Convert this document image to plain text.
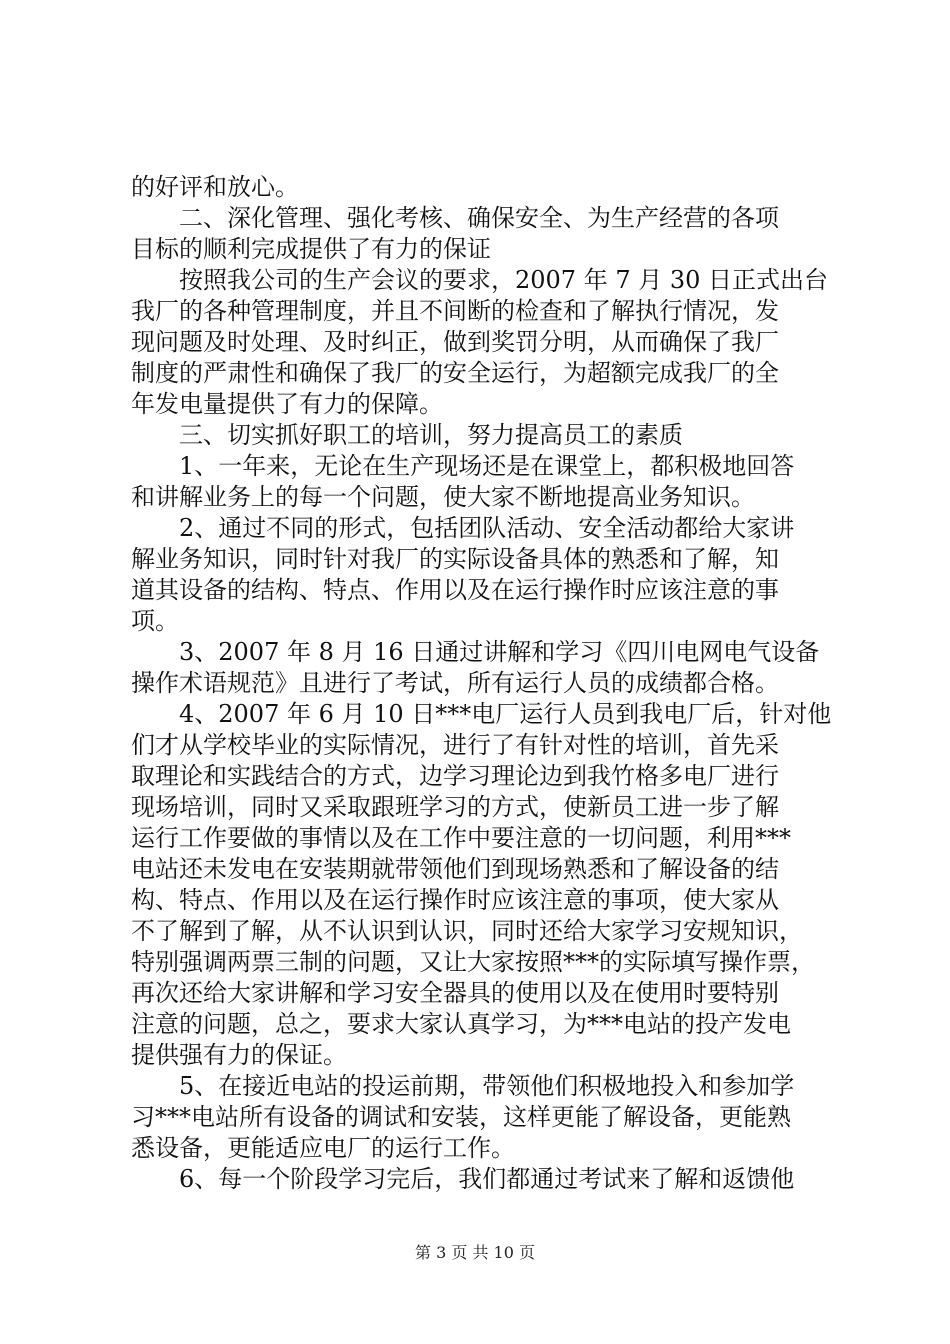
的好评和放心。
　　二、深化管理、强化考核、确保安全、为生产经营的各项
目标的顺利完成提供了有力的保证
　　按照我公司的生产会议的要求，2007 年 7 月 30 日正式出台
我厂的各种管理制度，并且不间断的检查和了解执行情况，发
现问题及时处理、及时纠正，做到奖罚分明，从而确保了我厂
制度的严肃性和确保了我厂的安全运行，为超额完成我厂的全
年发电量提供了有力的保障。
　　三、切实抓好职工的培训，努力提高员工的素质
　　1、一年来，无论在生产现场还是在课堂上，都积极地回答
和讲解业务上的每一个问题，使大家不断地提高业务知识。
　　2、通过不同的形式，包括团队活动、安全活动都给大家讲
解业务知识，同时针对我厂的实际设备具体的熟悉和了解，知
道其设备的结构、特点、作用以及在运行操作时应该注意的事
项。
　　3、2007 年 8 月 16 日通过讲解和学习《四川电网电气设备
操作术语规范》且进行了考试，所有运行人员的成绩都合格。
　　4、2007 年 6 月 10 日***电厂运行人员到我电厂后，针对他
们才从学校毕业的实际情况，进行了有针对性的培训，首先采
取理论和实践结合的方式，边学习理论边到我竹格多电厂进行
现场培训，同时又采取跟班学习的方式，使新员工进一步了解
运行工作要做的事情以及在工作中要注意的一切问题，利用***
电站还未发电在安装期就带领他们到现场熟悉和了解设备的结
构、特点、作用以及在运行操作时应该注意的事项，使大家从
不了解到了解，从不认识到认识，同时还给大家学习安规知识，
特别强调两票三制的问题，又让大家按照***的实际填写操作票，
再次还给大家讲解和学习安全器具的使用以及在使用时要特别
注意的问题，总之，要求大家认真学习，为***电站的投产发电
提供强有力的保证。
　　5、在接近电站的投运前期，带领他们积极地投入和参加学
习***电站所有设备的调试和安装，这样更能了解设备，更能熟
悉设备，更能适应电厂的运行工作。
　　6、每一个阶段学习完后，我们都通过考试来了解和返馈他
第 3 页 共 10 页
